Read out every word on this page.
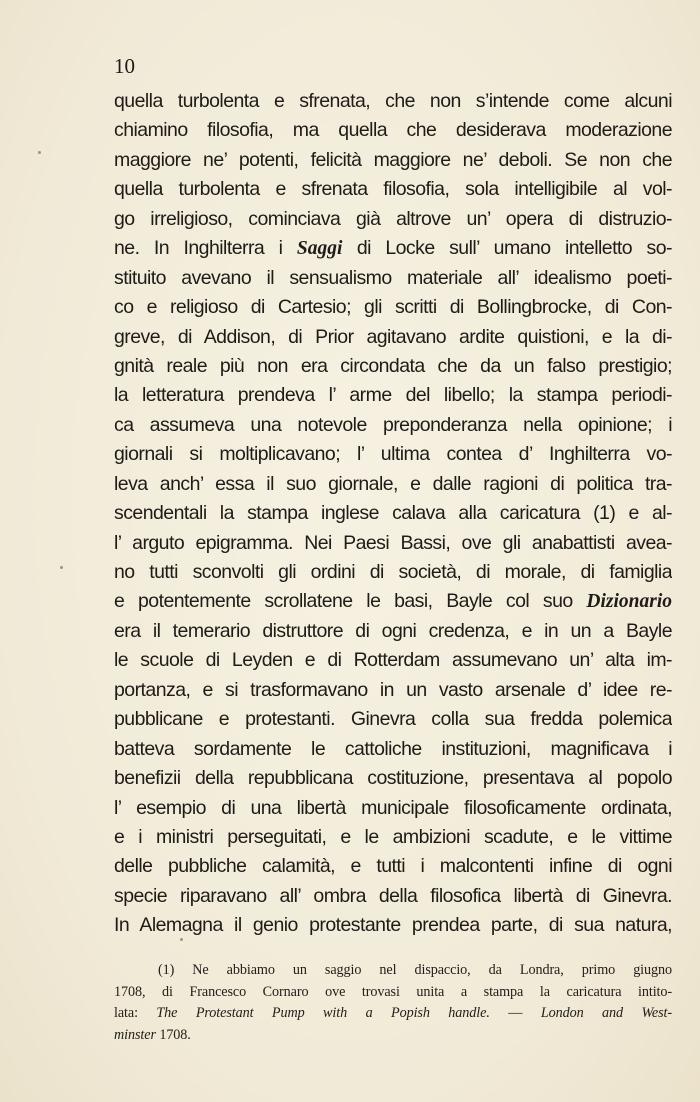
10
quella turbolenta e sfrenata, che non s’intende come alcuni
chiamino filosofia, ma quella che desiderava moderazione
maggiore ne’ potenti, felicità maggiore ne’ deboli. Se non che
quella turbolenta e sfrenata filosofia, sola intelligibile al vol-
go irreligioso, cominciava già altrove un’ opera di distruzio-
ne. In Inghilterra i Saggi di Locke sull’ umano intelletto so-
stituito avevano il sensualismo materiale all’ idealismo poeti-
co e religioso di Cartesio; gli scritti di Bollingbrocke, di Con-
greve, di Addison, di Prior agitavano ardite quistioni, e la di-
gnità reale più non era circondata che da un falso prestigio;
la letteratura prendeva l’ arme del libello; la stampa periodi-
ca assumeva una notevole preponderanza nella opinione; i
giornali si moltiplicavano; l’ ultima contea d’ Inghilterra vo-
leva anch’ essa il suo giornale, e dalle ragioni di politica tra-
scendentali la stampa inglese calava alla caricatura (1) e al-
l’ arguto epigramma. Nei Paesi Bassi, ove gli anabattisti avea-
no tutti sconvolti gli ordini di società, di morale, di famiglia
e potentemente scrollatene le basi, Bayle col suo Dizionario
era il temerario distruttore di ogni credenza, e in un a Bayle
le scuole di Leyden e di Rotterdam assumevano un’ alta im-
portanza, e si trasformavano in un vasto arsenale d’ idee re-
pubblicane e protestanti. Ginevra colla sua fredda polemica
batteva sordamente le cattoliche instituzioni, magnificava i
benefizii della repubblicana costituzione, presentava al popolo
l’ esempio di una libertà municipale filosoficamente ordinata,
e i ministri perseguitati, e le ambizioni scadute, e le vittime
delle pubbliche calamità, e tutti i malcontenti infine di ogni
specie riparavano all’ ombra della filosofica libertà di Ginevra.
In Alemagna il genio protestante prendea parte, di sua natura,
(1) Ne abbiamo un saggio nel dispaccio, da Londra, primo giugno
1708, di Francesco Cornaro ove trovasi unita a stampa la caricatura intito-
lata: The Protestant Pump with a Popish handle. — London and West-
minster 1708.
